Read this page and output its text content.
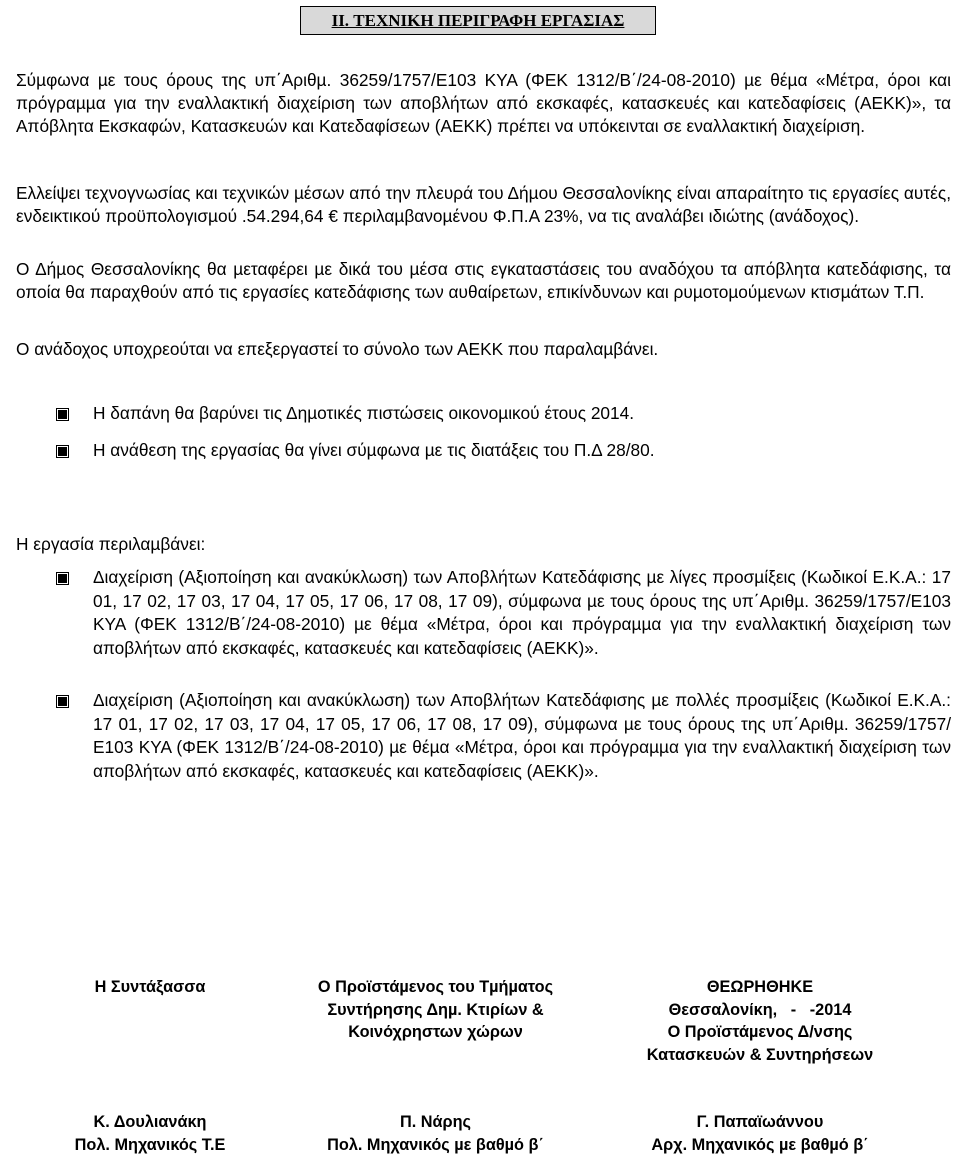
II. ΤΕΧΝΙΚΗ ΠΕΡΙΓΡΑΦΗ ΕΡΓΑΣΙΑΣ

Σύµφωνα µε τους όρους της υπ΄Αριθµ. 36259/1757/Ε103 ΚΥΑ (ΦΕΚ 1312/Β΄/24-08-2010) µε θέµα «Μέτρα, όροι και πρόγραµµα για την εναλλακτική διαχείριση των αποβλήτων από εκσκαφές, κατασκευές και κατεδαφίσεις (ΑΕΚΚ)», τα Απόβλητα Εκσκαφών, Κατασκευών και Κατεδαφίσεων (ΑΕΚΚ) πρέπει να υπόκεινται σε εναλλακτική διαχείριση.

Ελλείψει τεχνογνωσίας και τεχνικών µέσων από την πλευρά του Δήµου Θεσσαλονίκης είναι απαραίτητο τις εργασίες αυτές, ενδεικτικού προϋπολογισµού .54.294,64 € περιλαµβανοµένου Φ.Π.Α 23%, να τις αναλάβει ιδιώτης (ανάδοχος).

Ο Δήµος Θεσσαλονίκης θα µεταφέρει µε δικά του µέσα στις εγκαταστάσεις του αναδόχου τα απόβλητα κατεδάφισης, τα οποία θα παραχθούν από τις εργασίες κατεδάφισης των αυθαίρετων, επικίνδυνων και ρυµοτοµούµενων κτισµάτων Τ.Π.

Ο ανάδοχος υποχρεούται να επεξεργαστεί το σύνολο των ΑΕΚΚ που παραλαµβάνει.

Η δαπάνη θα βαρύνει τις Δηµοτικές πιστώσεις οικονοµικού έτους 2014.

Η ανάθεση της εργασίας θα γίνει σύµφωνα µε τις διατάξεις του Π.Δ 28/80.

Η εργασία περιλαµβάνει:

Διαχείριση (Αξιοποίηση και ανακύκλωση) των Αποβλήτων Κατεδάφισης µε λίγες προσµίξεις (Κωδικοί Ε.Κ.Α.: 17 01, 17 02, 17 03, 17 04, 17 05, 17 06, 17 08, 17 09), σύµφωνα µε τους όρους της υπ΄Αριθµ. 36259/1757/Ε103 ΚΥΑ (ΦΕΚ 1312/Β΄/24-08-2010) µε θέµα «Μέτρα, όροι και πρόγραµµα για την εναλλακτική διαχείριση των αποβλήτων από εκσκαφές, κατασκευές και κατεδαφίσεις (ΑΕΚΚ)».

Διαχείριση (Αξιοποίηση και ανακύκλωση) των Αποβλήτων Κατεδάφισης µε πολλές προσµίξεις (Κωδικοί Ε.Κ.Α.: 17 01, 17 02, 17 03, 17 04, 17 05, 17 06, 17 08, 17 09), σύµφωνα µε τους όρους της υπ΄Αριθµ. 36259/1757/Ε103 ΚΥΑ (ΦΕΚ 1312/Β΄/24-08-2010) µε θέµα «Μέτρα, όροι και πρόγραµµα για την εναλλακτική διαχείριση των αποβλήτων από εκσκαφές, κατασκευές και κατεδαφίσεις (ΑΕΚΚ)».

Η Συντάξασσα
Κ. Δουλιανάκη
Πολ. Μηχανικός Τ.Ε
Ο Προϊστάµενος του Τµήµατος
Συντήρησης Δηµ. Κτιρίων &
Κοινόχρηστων χώρων
Π. Νάρης
Πολ. Μηχανικός µε βαθµό β΄
ΘΕΩΡΗΘΗΚΕ
Θεσσαλονίκη,   -   -2014
Ο Προϊστάµενος Δ/νσης
Κατασκευών & Συντηρήσεων
Γ. Παπαϊωάννου
Αρχ. Μηχανικός µε βαθµό β΄
